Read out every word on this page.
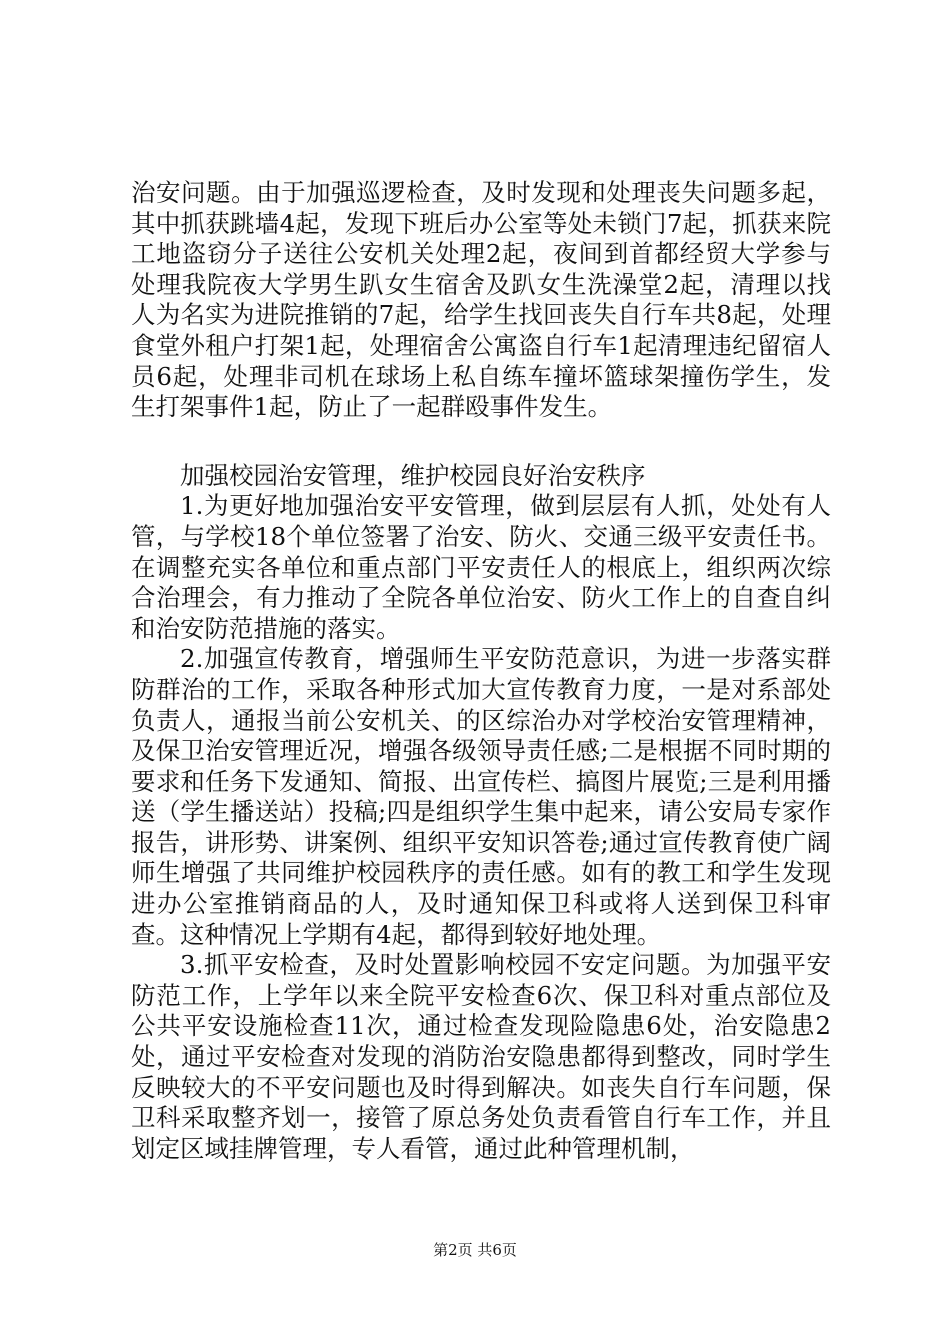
治安问题。由于加强巡逻检查，及时发现和处理丧失问题多起，其中抓获跳墙4起，发现下班后办公室等处未锁门7起，抓获来院工地盗窃分子送往公安机关处理2起，夜间到首都经贸大学参与处理我院夜大学男生趴女生宿舍及趴女生洗澡堂2起，清理以找人为名实为进院推销的7起，给学生找回丧失自行车共8起，处理食堂外租户打架1起，处理宿舍公寓盗自行车1起清理违纪留宿人员6起，处理非司机在球场上私自练车撞坏篮球架撞伤学生，发生打架事件1起，防止了一起群殴事件发生。

加强校园治安管理，维护校园良好治安秩序

1.为更好地加强治安平安管理，做到层层有人抓，处处有人管，与学校18个单位签署了治安、防火、交通三级平安责任书。在调整充实各单位和重点部门平安责任人的根底上，组织两次综合治理会，有力推动了全院各单位治安、防火工作上的自查自纠和治安防范措施的落实。

2.加强宣传教育，增强师生平安防范意识，为进一步落实群防群治的工作，采取各种形式加大宣传教育力度，一是对系部处负责人，通报当前公安机关、的区综治办对学校治安管理精神，及保卫治安管理近况，增强各级领导责任感;二是根据不同时期的要求和任务下发通知、简报、出宣传栏、搞图片展览;三是利用播送（学生播送站）投稿;四是组织学生集中起来，请公安局专家作报告，讲形势、讲案例、组织平安知识答卷;通过宣传教育使广阔师生增强了共同维护校园秩序的责任感。如有的教工和学生发现进办公室推销商品的人，及时通知保卫科或将人送到保卫科审查。这种情况上学期有4起，都得到较好地处理。

3.抓平安检查，及时处置影响校园不安定问题。为加强平安防范工作，上学年以来全院平安检查6次、保卫科对重点部位及公共平安设施检查11次，通过检查发现险隐患6处，治安隐患2处，通过平安检查对发现的消防治安隐患都得到整改，同时学生反映较大的不平安问题也及时得到解决。如丧失自行车问题，保卫科采取整齐划一，接管了原总务处负责看管自行车工作，并且划定区域挂牌管理，专人看管，通过此种管理机制，

第2页 共6页
